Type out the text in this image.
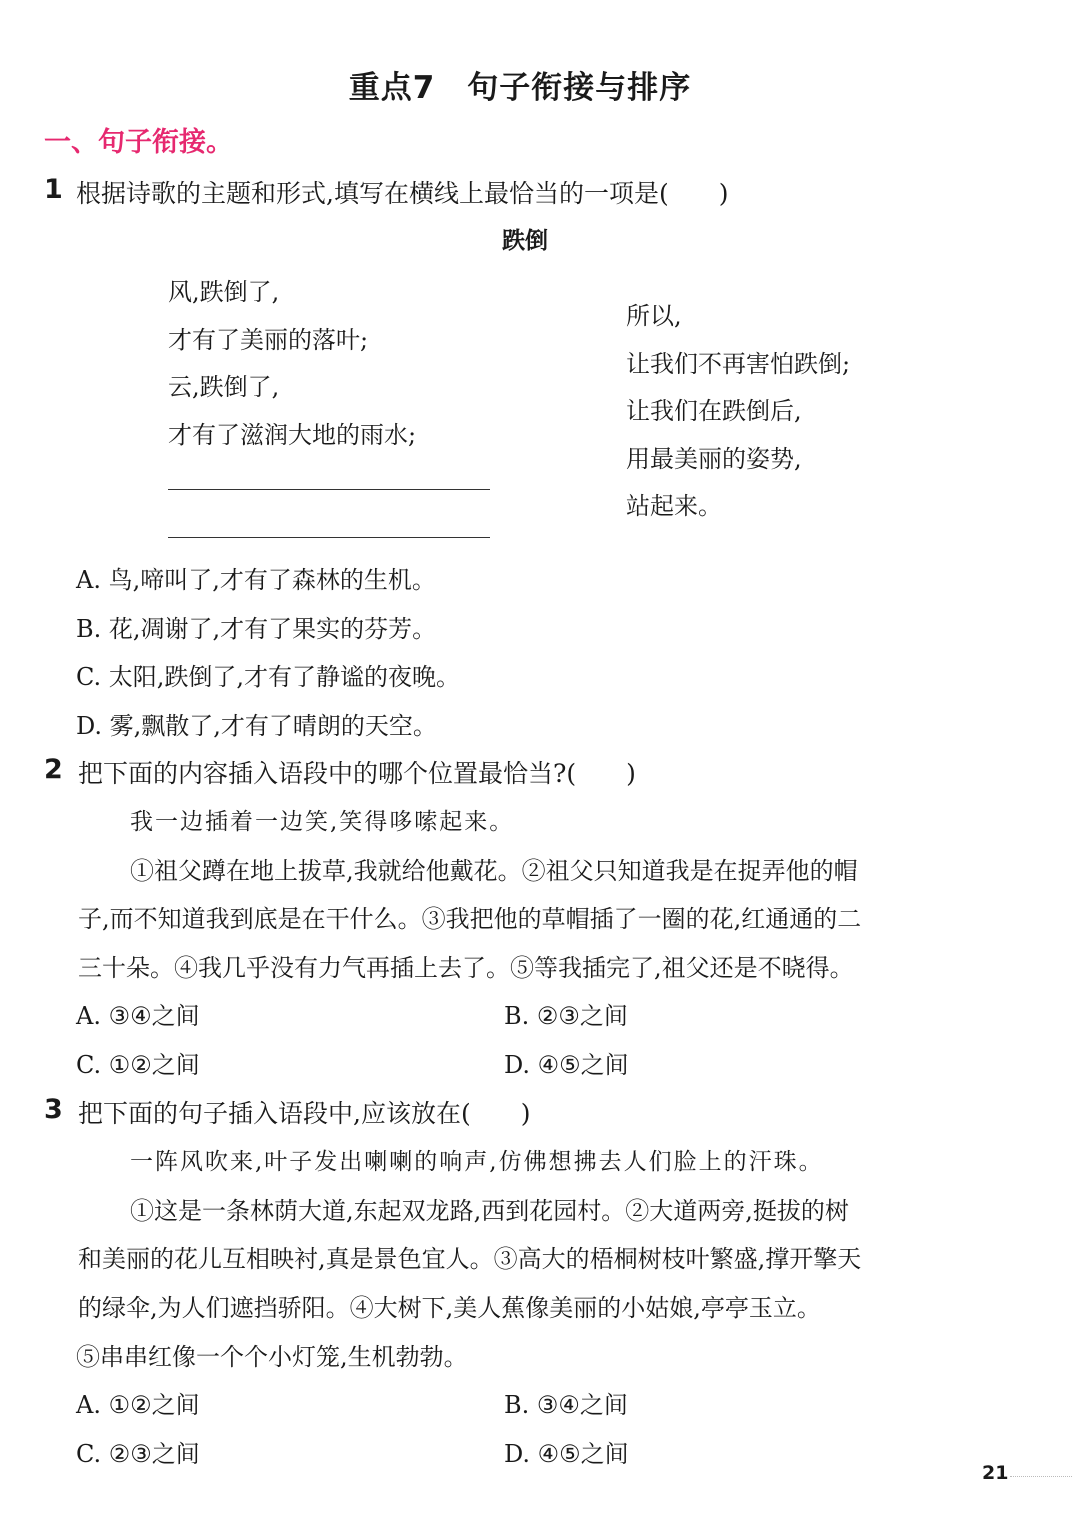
重点7　句子衔接与排序
一、句子衔接。
1 根据诗歌的主题和形式,填写在横线上最恰当的一项是(　　)
跌倒
风,跌倒了,
才有了美丽的落叶;
云,跌倒了,
才有了滋润大地的雨水;
所以,
让我们不再害怕跌倒;
让我们在跌倒后,
用最美丽的姿势,
站起来。
A. 鸟,啼叫了,才有了森林的生机。
B. 花,凋谢了,才有了果实的芬芳。
C. 太阳,跌倒了,才有了静谧的夜晚。
D. 雾,飘散了,才有了晴朗的天空。
2 把下面的内容插入语段中的哪个位置最恰当?(　　)
我一边插着一边笑,笑得哆嗦起来。
①祖父蹲在地上拔草,我就给他戴花。②祖父只知道我是在捉弄他的帽
子,而不知道我到底是在干什么。③我把他的草帽插了一圈的花,红通通的二
三十朵。④我几乎没有力气再插上去了。⑤等我插完了,祖父还是不晓得。
A. ③④之间	B. ②③之间
C. ①②之间	D. ④⑤之间
3 把下面的句子插入语段中,应该放在(　　)
一阵风吹来,叶子发出喇喇的响声,仿佛想拂去人们脸上的汗珠。
①这是一条林荫大道,东起双龙路,西到花园村。②大道两旁,挺拔的树
和美丽的花儿互相映衬,真是景色宜人。③高大的梧桐树枝叶繁盛,撑开擎天
的绿伞,为人们遮挡骄阳。④大树下,美人蕉像美丽的小姑娘,亭亭玉立。
⑤串串红像一个个小灯笼,生机勃勃。
A. ①②之间	B. ③④之间
C. ②③之间	D. ④⑤之间
21
